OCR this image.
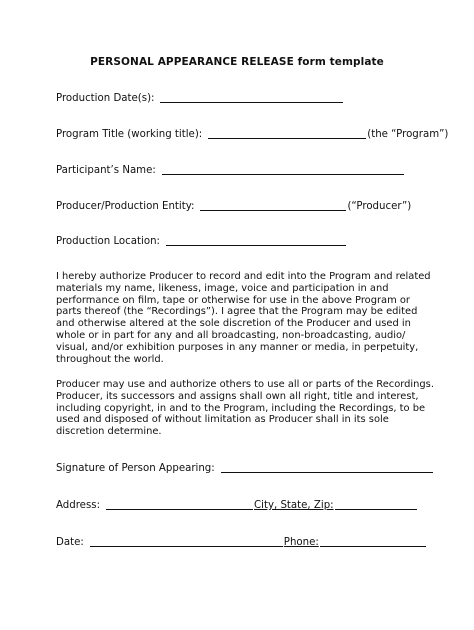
PERSONAL APPEARANCE RELEASE form template
Production Date(s):
Program Title (working title):	(the “Program”)
Participant’s Name:
Producer/Production Entity:	(“Producer”)
Production Location:
I hereby authorize Producer to record and edit into the Program and related
materials my name, likeness, image, voice and participation in and
performance on film, tape or otherwise for use in the above Program or
parts thereof (the “Recordings”). I agree that the Program may be edited
and otherwise altered at the sole discretion of the Producer and used in
whole or in part for any and all broadcasting, non-broadcasting, audio/
visual, and/or exhibition purposes in any manner or media, in perpetuity,
throughout the world.
Producer may use and authorize others to use all or parts of the Recordings.
Producer, its successors and assigns shall own all right, title and interest,
including copyright, in and to the Program, including the Recordings, to be
used and disposed of without limitation as Producer shall in its sole
discretion determine.
Signature of Person Appearing:
Address:	City, State, Zip:
Date:	Phone:
